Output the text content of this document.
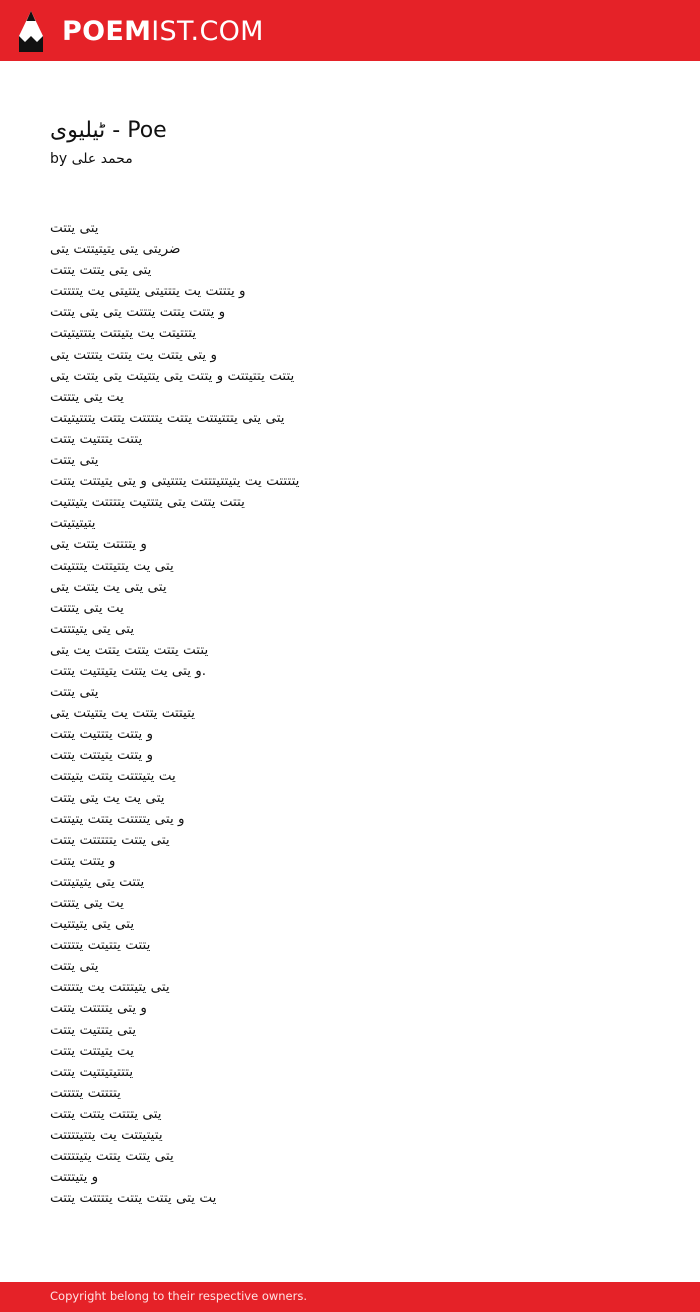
POEMIST.COM
ٹیلیوی - Poe
by محمد علی
یتی یتتت
ضریتی یتی یتیتیتتت یتی
یتی یتی یتتت یتتت
و یتتتت یت یتتتیتی یتتیتی یت یتتتتت
و یتتت یتتت یتتتت یتی یتی یتتت
یتتتیتت یت یتیتتت یتتتیتیتت
و یتی یتتت یت یتتت یتتتت یتی
یتتت یتتیتتت و یتتت یتی یتتیتت یتی یتتت یتی
یت یتی یتتتت
یتی یتی یتتتیتتت یتتت یتتتتت یتتت یتتتیتیتت
یتتت یتتتیت یتتت
یتی یتتت
یتتتتت یت یتیتتیتتتت یتتتیتی و یتی یتیتتت یتتت
یتتت یتتت یتی یتتتیت یتتتتت یتیتتیت
یتیتیتیتت
و یتتتتت یتتت یتی
یتی یت یتتیتتت یتتتیتت
یتی یتی یت یتتت یتی
یت یتی یتتتت
یتی یتی یتیتتتت
یتتت یتتت یتتت یتتت یت یتی
و یتی یت یتتت یتیتتیت یتتت.
یتی یتتت
یتیتتت یتتت یت یتتیتت یتی
و یتتت یتتتیت یتتت
و یتتت یتیتتت یتتت
یت یتیتتتت یتتت یتیتتت
یتی یت یت یتی یتتت
و یتی یتتتتت یتتت یتیتتت
یتی یتتت یتتتتتت یتتت
و یتتت یتتت
یتتت یتی یتیتیتتت
یت یتی یتتتت
یتی یتی یتیتتیت
یتتت یتتیتت یتتتتت
یتی یتتت
یتی یتیتتتت یت یتتتتت
و یتی یتتتتت یتتت
یتی یتتتیت یتتت
یت یتیتتت یتتت
یتتتیتیتتیت یتتت
یتتتتت یتتتتت
یتی یتتتت یتتت یتتت
یتیتیتتت یت یتتیتتتتت
یتی یتتت یتتت یتیتتتتت
و یتیتتتت
یت یتی یتتت یتتت یتتتتت یتتت
Copyright belong to their respective owners.
